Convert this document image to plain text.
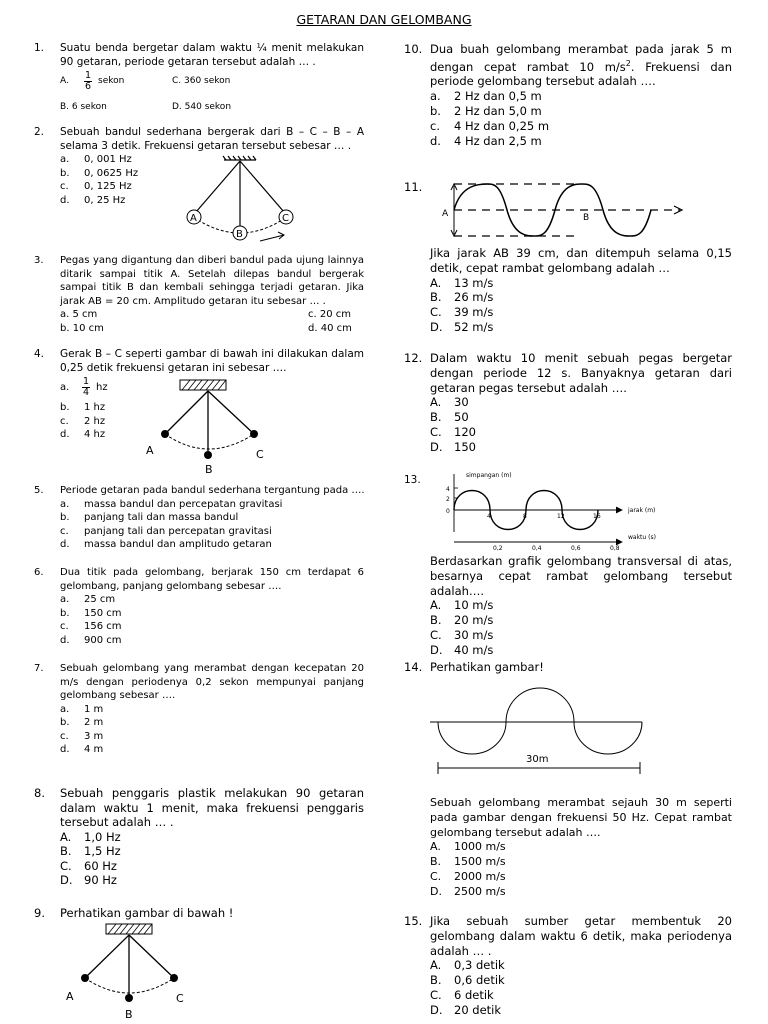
GETARAN DAN GELOMBANG
1. Suatu benda bergetar dalam waktu ¼ menit melakukan 90 getaran, periode getaran tersebut adalah … .
A.	$\frac{1}{6}$ sekon	C. 360 sekon
B. 6 sekon	D. 540 sekon
2. Sebuah bandul sederhana bergerak dari B – C – B – A selama 3 detik. Frekuensi getaran tersebut sebesar … .
a.	0, 001 Hz
b.	0, 0625 Hz
c.	0, 125 Hz
d.	0, 25 Hz
A
B
C
3. Pegas yang digantung dan diberi bandul pada ujung lainnya ditarik sampai titik A. Setelah dilepas bandul bergerak sampai titik B dan kembali sehingga terjadi getaran. Jika jarak AB = 20 cm. Amplitudo getaran itu sebesar … .
a. 5 cm	c. 20 cm
b. 10 cm	d. 40 cm
4. Gerak B – C seperti gambar di bawah ini dilakukan dalam 0,25 detik frekuensi getaran ini sebesar ….
a.	$\frac{1}{4}$ hz
b.	1 hz
c.	2 hz
d.	4 hz
A
B
C
5. Periode getaran pada bandul sederhana tergantung pada ….
a.	massa bandul dan percepatan gravitasi
b.	panjang tali dan massa bandul
c.	panjang tali dan percepatan gravitasi
d.	massa bandul dan amplitudo getaran
6. Dua titik pada gelombang, berjarak 150 cm terdapat 6 gelombang, panjang gelombang sebesar ….
a.	25 cm
b.	150 cm
c.	156 cm
d.	900 cm
7. Sebuah gelombang yang merambat dengan kecepatan 20 m/s dengan periodenya 0,2 sekon mempunyai panjang gelombang sebesar ….
a.	1 m
b.	2 m
c.	3 m
d.	4 m
8. Sebuah penggaris plastik melakukan 90 getaran dalam waktu 1 menit, maka frekuensi penggaris tersebut adalah … .
A.	1,0 Hz
B.	1,5 Hz
C.	60 Hz
D. 90 Hz
9. Perhatikan gambar di bawah !
A
B
C
10. Dua buah gelombang merambat pada jarak 5 m dengan cepat rambat 10 $m/s^2$. Frekuensi dan periode gelombang tersebut adalah ….
a.	2 Hz dan 0,5 m
b.	2 Hz dan 5,0 m
c.	4 Hz dan 0,25 m
d.	4 Hz dan 2,5 m
11.
A	B
Jika jarak AB 39 cm, dan ditempuh selama 0,15 detik, cepat rambat gelombang adalah …
A.	13 m/s
B.	26 m/s
C.	39 m/s
D. 52 m/s
12. Dalam waktu 10 menit sebuah pegas bergetar dengan periode 12 s. Banyaknya getaran dari getaran pegas tersebut adalah ….
A.	30
B.	50
C.	120
D. 150
13.	simpangan (m)
4
2
0
4	8	12	16
jarak (m)
0,2	0,4	0,6	0,8
waktu (s)
Berdasarkan grafik gelombang transversal di atas, besarnya cepat rambat gelombang tersebut adalah….
A.	10 m/s
B.	20 m/s
C.	30 m/s
D. 40 m/s
14. Perhatikan gambar!
30m
Sebuah gelombang merambat sejauh 30 m seperti pada gambar dengan frekuensi 50 Hz. Cepat rambat gelombang tersebut adalah ….
A.	1000 m/s
B.	1500 m/s
C.	2000 m/s
D.	2500 m/s
15. Jika sebuah sumber getar membentuk 20 gelombang dalam waktu 6 detik, maka periodenya adalah … .
A.	0,3 detik
B.	0,6 detik
C.	6 detik
D. 20 detik
